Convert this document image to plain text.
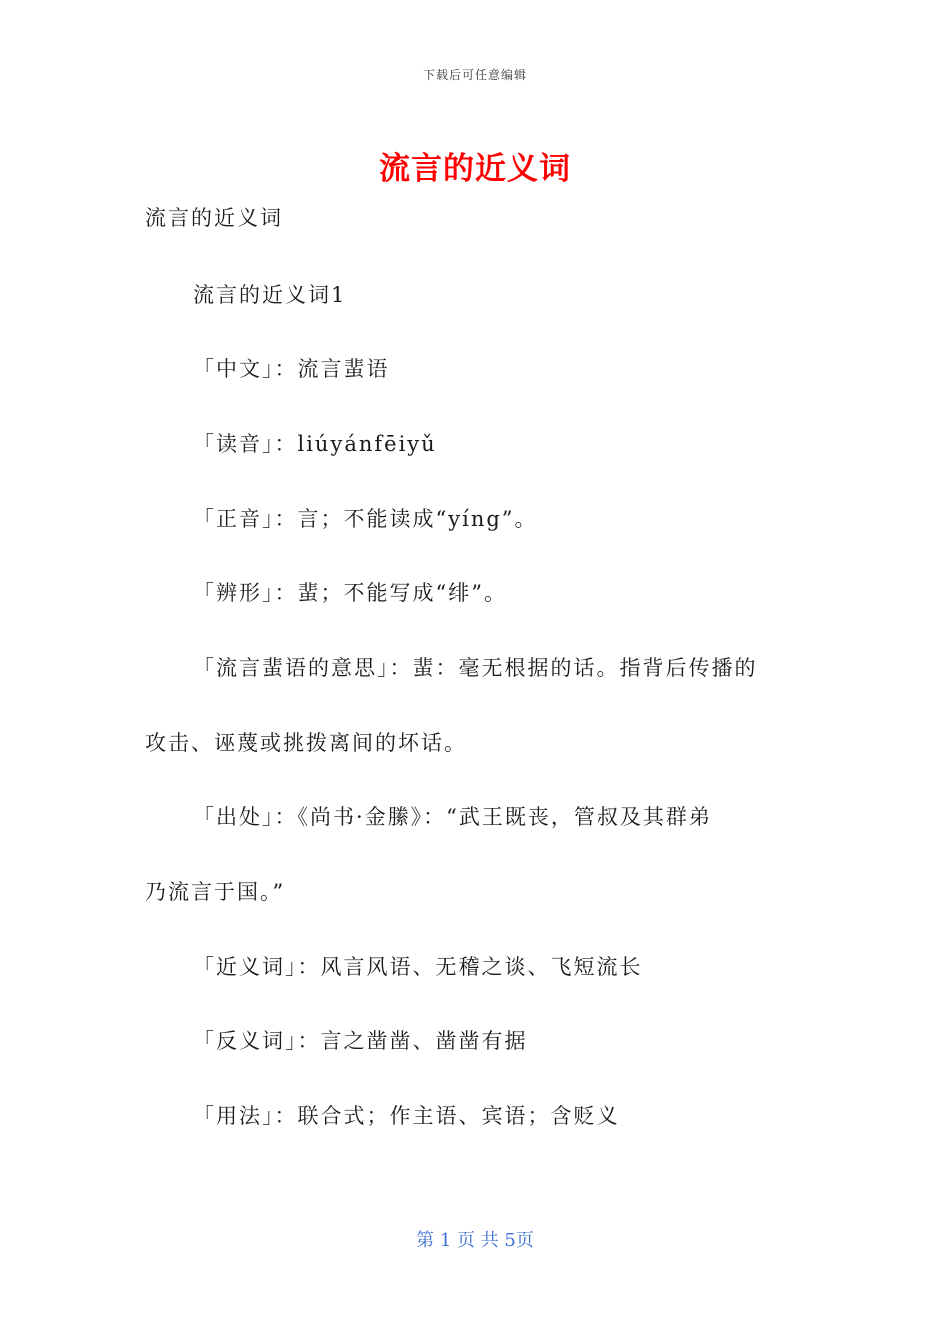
下载后可任意编辑
流言的近义词
流言的近义词
流言的近义词1
「中文」：流言蜚语
「读音」：liúyánfēiyǔ
「正音」：言；不能读成“yíng”。
「辨形」：蜚；不能写成“绯”。
「流言蜚语的意思」：蜚：毫无根据的话。指背后传播的
攻击、诬蔑或挑拨离间的坏话。
「出处」：《尚书·金縢》：“武王既丧，管叔及其群弟
乃流言于国。”
「近义词」：风言风语、无稽之谈、飞短流长
「反义词」：言之凿凿、凿凿有据
「用法」：联合式；作主语、宾语；含贬义
第 1 页 共 5页
